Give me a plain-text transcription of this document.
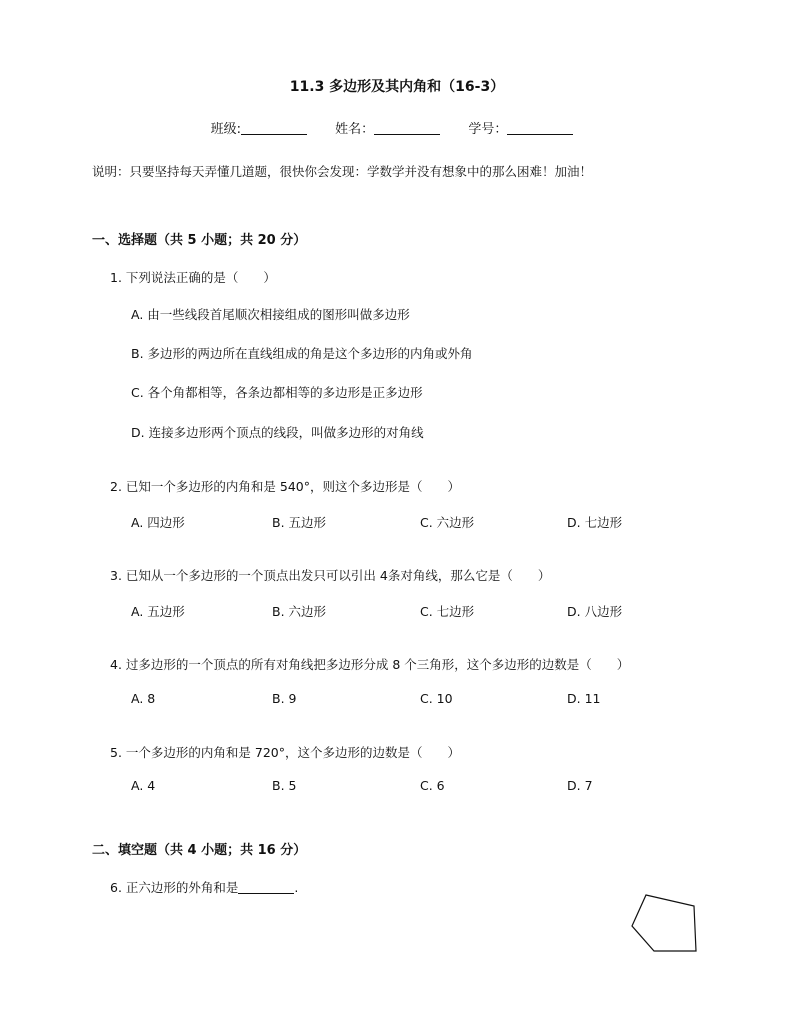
11.3 多边形及其内角和（16-3）
班级:	姓名：	学号：
说明：只要坚持每天弄懂几道题，很快你会发现：学数学并没有想象中的那么困难！加油！
一、选择题（共 5 小题；共 20 分）
1. 下列说法正确的是（　　）
A. 由一些线段首尾顺次相接组成的图形叫做多边形
B. 多边形的两边所在直线组成的角是这个多边形的内角或外角
C. 各个角都相等，各条边都相等的多边形是正多边形
D. 连接多边形两个顶点的线段，叫做多边形的对角线
2. 已知一个多边形的内角和是 540°，则这个多边形是（　　）
A. 四边形	B. 五边形	C. 六边形	D. 七边形
3. 已知从一个多边形的一个顶点出发只可以引出 4条对角线，那么它是（　　）
A. 五边形	B. 六边形	C. 七边形	D. 八边形
4. 过多边形的一个顶点的所有对角线把多边形分成 8 个三角形，这个多边形的边数是（　　）
A. 8	B. 9	C. 10	D. 11
5. 一个多边形的内角和是 720°，这个多边形的边数是（　　）
A. 4	B. 5	C. 6	D. 7
二、填空题（共 4 小题；共 16 分）
6. 正六边形的外角和是	.
